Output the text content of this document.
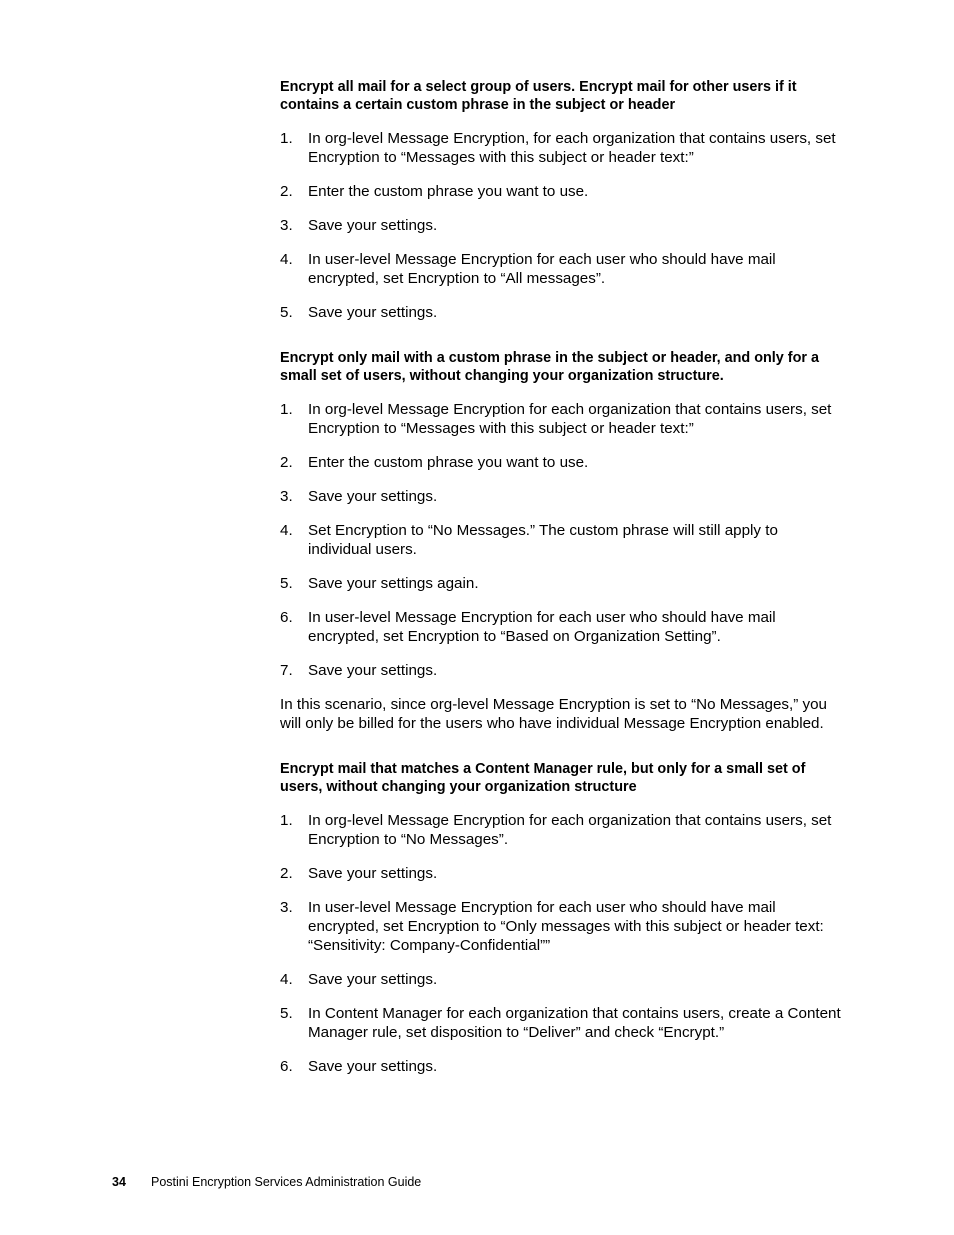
Encrypt all mail for a select group of users. Encrypt mail for other users if it contains a certain custom phrase in the subject or header
1.	In org-level Message Encryption, for each organization that contains users, set Encryption to “Messages with this subject or header text:”
2.	Enter the custom phrase you want to use.
3.	Save your settings.
4.	In user-level Message Encryption for each user who should have mail encrypted, set Encryption to “All messages”.
5.	Save your settings.
Encrypt only mail with a custom phrase in the subject or header, and only for a small set of users, without changing your organization structure.
1.	In org-level Message Encryption for each organization that contains users, set Encryption to “Messages with this subject or header text:”
2.	Enter the custom phrase you want to use.
3.	Save your settings.
4.	Set Encryption to “No Messages.” The custom phrase will still apply to individual users.
5.	Save your settings again.
6.	In user-level Message Encryption for each user who should have mail encrypted, set Encryption to “Based on Organization Setting”.
7.	Save your settings.

In this scenario, since org-level Message Encryption is set to “No Messages,” you will only be billed for the users who have individual Message Encryption enabled.

Encrypt mail that matches a Content Manager rule, but only for a small set of users, without changing your organization structure
1.	In org-level Message Encryption for each organization that contains users, set Encryption to “No Messages”.
2.	Save your settings.
3.	In user-level Message Encryption for each user who should have mail encrypted, set Encryption to “Only messages with this subject or header text: “Sensitivity: Company-Confidential””
4.	Save your settings.
5.	In Content Manager for each organization that contains users, create a Content Manager rule, set disposition to “Deliver” and check “Encrypt.”
6.	Save your settings.
34 Postini Encryption Services Administration Guide
